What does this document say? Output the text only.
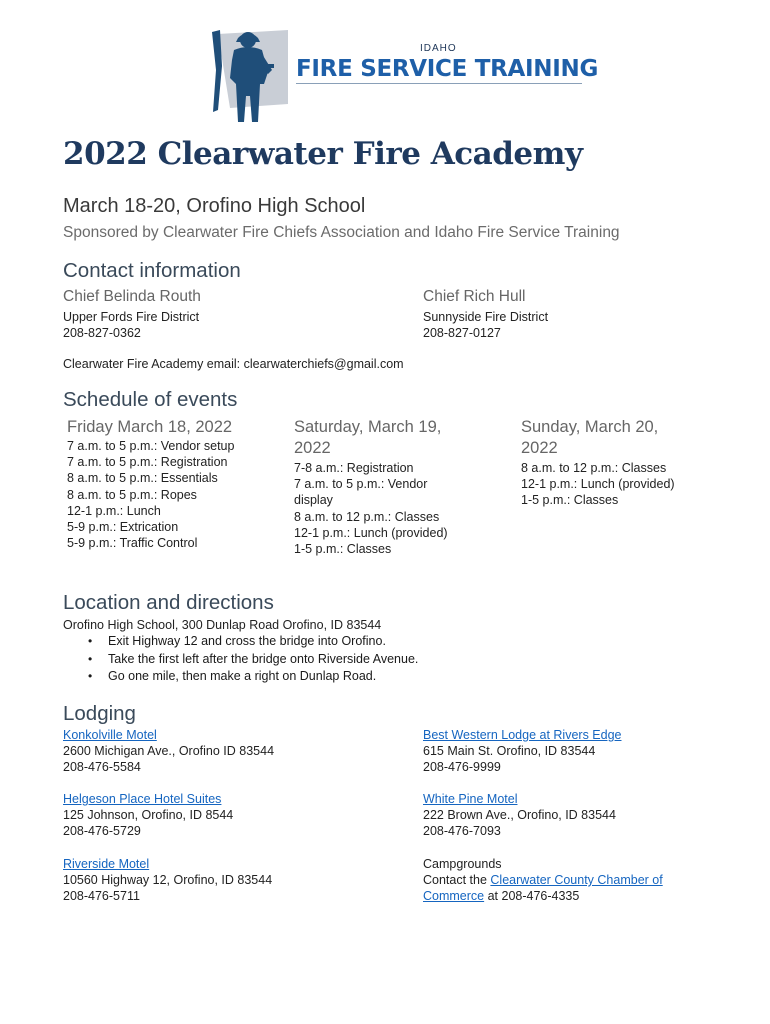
IDAHO
FIRE SERVICE TRAINING
2022 Clearwater Fire Academy
March 18-20, Orofino High School
Sponsored by Clearwater Fire Chiefs Association and Idaho Fire Service Training
Contact information
Chief Belinda Routh
Upper Fords Fire District
208-827-0362
Chief Rich Hull
Sunnyside Fire District
208-827-0127
Clearwater Fire Academy email: clearwaterchiefs@gmail.com
Schedule of events
Friday March 18, 2022
7 a.m. to 5 p.m.: Vendor setup
7 a.m. to 5 p.m.: Registration
8 a.m. to 5 p.m.: Essentials
8 a.m. to 5 p.m.: Ropes
12-1 p.m.: Lunch
5-9 p.m.: Extrication
5-9 p.m.: Traffic Control
Saturday, March 19,
2022
7-8 a.m.: Registration
7 a.m. to 5 p.m.: Vendor
display
8 a.m. to 12 p.m.: Classes
12-1 p.m.: Lunch (provided)
1-5 p.m.: Classes
Sunday, March 20,
2022
8 a.m. to 12 p.m.: Classes
12-1 p.m.: Lunch (provided)
1-5 p.m.: Classes
Location and directions
Orofino High School, 300 Dunlap Road Orofino, ID 83544
• Exit Highway 12 and cross the bridge into Orofino.
• Take the first left after the bridge onto Riverside Avenue.
• Go one mile, then make a right on Dunlap Road.
Lodging
Konkolville Motel
2600 Michigan Ave., Orofino ID 83544
208-476-5584
Best Western Lodge at Rivers Edge
615 Main St. Orofino, ID 83544
208-476-9999
Helgeson Place Hotel Suites
125 Johnson, Orofino, ID 8544
208-476-5729
White Pine Motel
222 Brown Ave., Orofino, ID 83544
208-476-7093
Riverside Motel
10560 Highway 12, Orofino, ID 83544
208-476-5711
Campgrounds
Contact the Clearwater County Chamber of
Commerce at 208-476-4335
